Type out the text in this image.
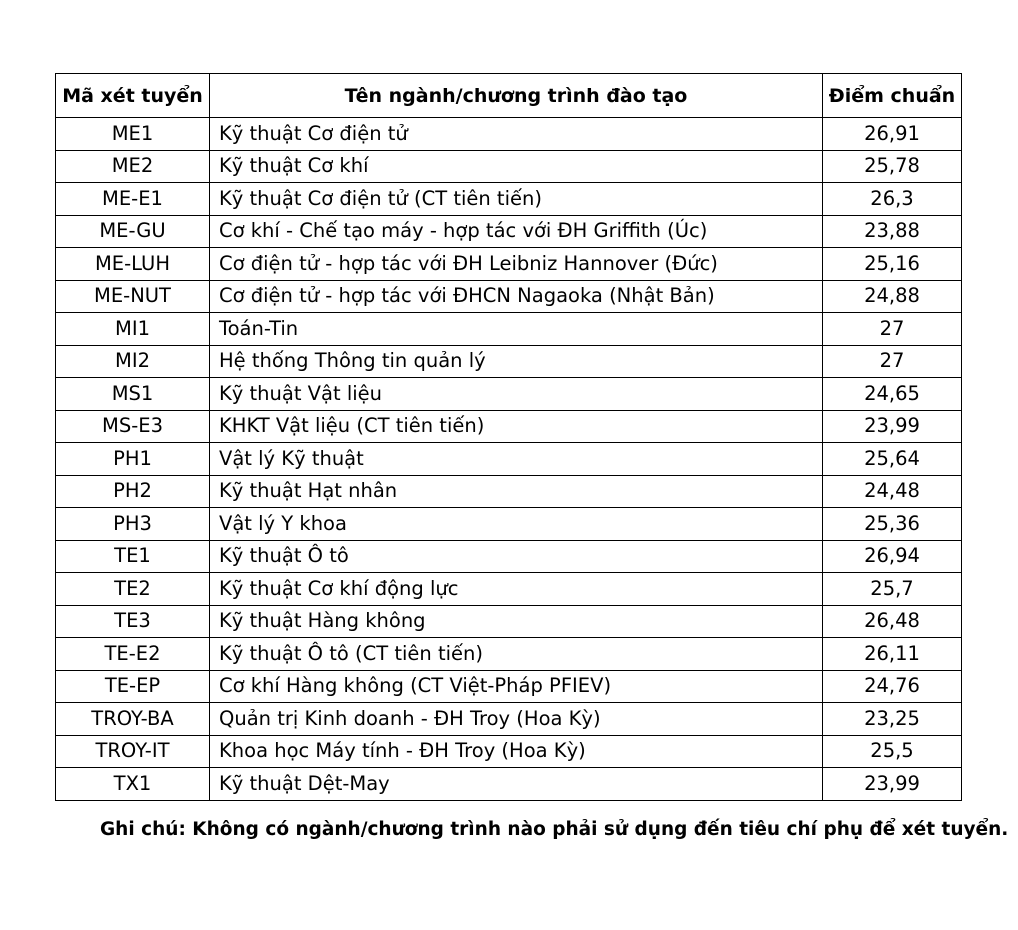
Mã xét tuyển	Tên ngành/chương trình đào tạo	Điểm chuẩn
ME1	Kỹ thuật Cơ điện tử	26,91
ME2	Kỹ thuật Cơ khí	25,78
ME-E1	Kỹ thuật Cơ điện tử (CT tiên tiến)	26,3
ME-GU	Cơ khí - Chế tạo máy - hợp tác với ĐH Griffith (Úc)	23,88
ME-LUH	Cơ điện tử - hợp tác với ĐH Leibniz Hannover (Đức)	25,16
ME-NUT	Cơ điện tử - hợp tác với ĐHCN Nagaoka (Nhật Bản)	24,88
MI1	Toán-Tin	27
MI2	Hệ thống Thông tin quản lý	27
MS1	Kỹ thuật Vật liệu	24,65
MS-E3	KHKT Vật liệu (CT tiên tiến)	23,99
PH1	Vật lý Kỹ thuật	25,64
PH2	Kỹ thuật Hạt nhân	24,48
PH3	Vật lý Y khoa	25,36
TE1	Kỹ thuật Ô tô	26,94
TE2	Kỹ thuật Cơ khí động lực	25,7
TE3	Kỹ thuật Hàng không	26,48
TE-E2	Kỹ thuật Ô tô (CT tiên tiến)	26,11
TE-EP	Cơ khí Hàng không (CT Việt-Pháp PFIEV)	24,76
TROY-BA	Quản trị Kinh doanh - ĐH Troy (Hoa Kỳ)	23,25
TROY-IT	Khoa học Máy tính - ĐH Troy (Hoa Kỳ)	25,5
TX1	Kỹ thuật Dệt-May	23,99
Ghi chú: Không có ngành/chương trình nào phải sử dụng đến tiêu chí phụ để xét tuyển.
